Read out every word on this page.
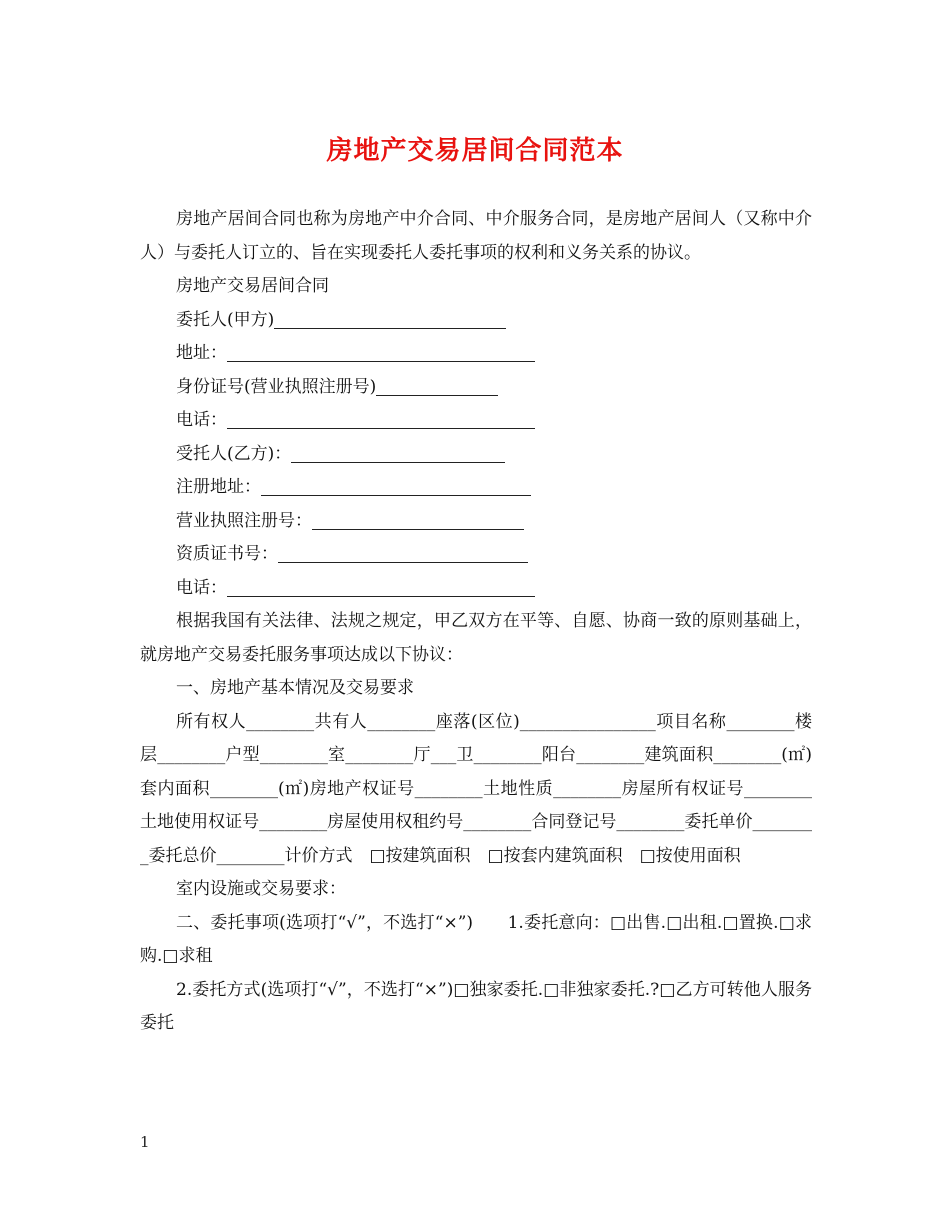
房地产交易居间合同范本

房地产居间合同也称为房地产中介合同、中介服务合同，是房地产居间人（又称中介人）与委托人订立的、旨在实现委托人委托事项的权利和义务关系的协议。

房地产交易居间合同

委托人(甲方)
地址：
身份证号(营业执照注册号)
电话：
受托人(乙方)：
注册地址：
营业执照注册号：
资质证书号：
电话：

根据我国有关法律、法规之规定，甲乙双方在平等、自愿、协商一致的原则基础上，就房地产交易委托服务事项达成以下协议：

一、房地产基本情况及交易要求

所有权人________共有人________座落(区位)________________项目名称________楼层________户型________室________厅___卫________阳台________建筑面积________(㎡)套内面积________(㎡)房地产权证号________土地性质________房屋所有权证号________土地使用权证号________房屋使用权租约号________合同登记号________委托单价________委托总价________计价方式　□按建筑面积　□按套内建筑面积　□按使用面积

室内设施或交易要求：

二、委托事项(选项打“√”，不选打“×”)　　1.委托意向：□出售.□出租.□置换.□求购.□求租

2.委托方式(选项打“√”，不选打“×”)□独家委托.□非独家委托.?□乙方可转他人服务委托

1
